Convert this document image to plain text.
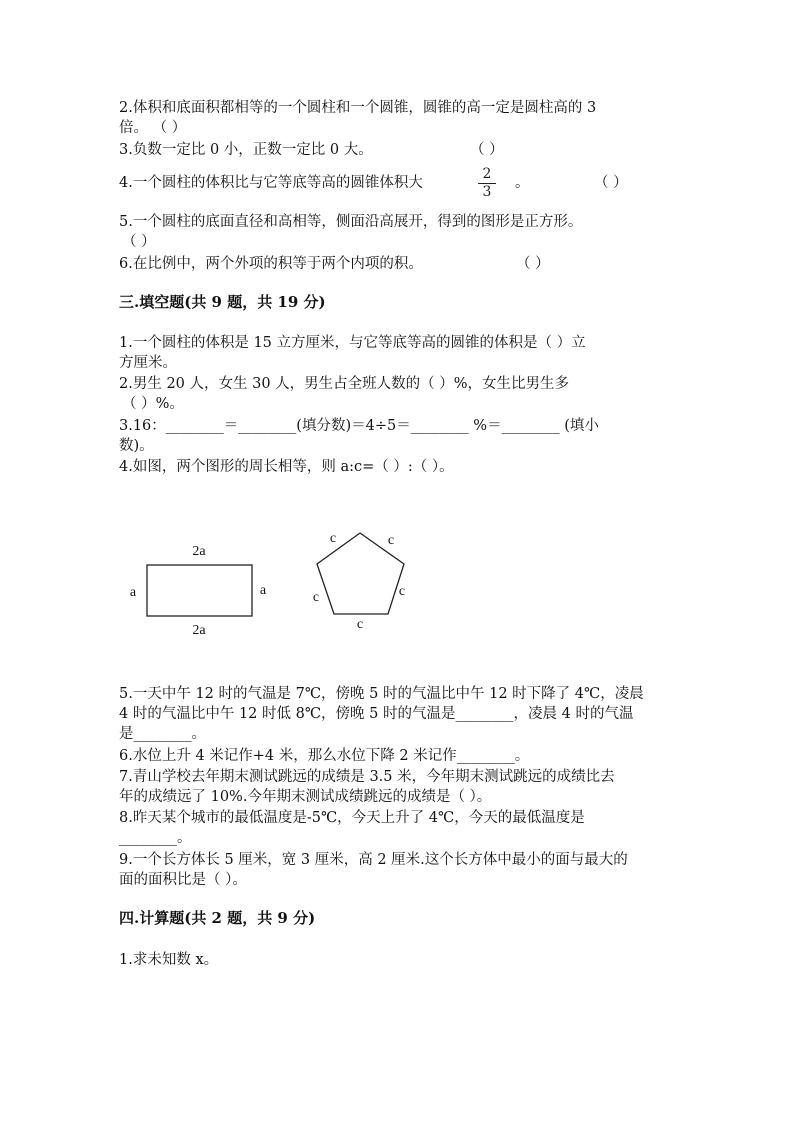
2.体积和底面积都相等的一个圆柱和一个圆锥，圆锥的高一定是圆柱高的 3
倍。 （ ）
3.负数一定比 0 小，正数一定比 0 大。	（ ）
4.一个圆柱的体积比与它等底等高的圆锥体积大
2
3
。	（ ）
5.一个圆柱的底面直径和高相等，侧面沿高展开，得到的图形是正方形。
（ ）
6.在比例中，两个外项的积等于两个内项的积。	（ ）
三.填空题(共 9 题，共 19 分)
1.一个圆柱的体积是 15 立方厘米，与它等底等高的圆锥的体积是（ ）立
方厘米。
2.男生 20 人，女生 30 人，男生占全班人数的（ ）%，女生比男生多
（ ）%。
3.16：________＝________(填分数)＝4÷5＝________ %＝________ (填小
数)。
4.如图，两个图形的周长相等，则 a:c=（ ）:（ ）。
2a
2a
a	a
c	c
c	c
c
5.一天中午 12 时的气温是 7℃，傍晚 5 时的气温比中午 12 时下降了 4℃，凌晨
4 时的气温比中午 12 时低 8℃，傍晚 5 时的气温是________，凌晨 4 时的气温
是________。
6.水位上升 4 米记作+4 米，那么水位下降 2 米记作________。
7.青山学校去年期末测试跳远的成绩是 3.5 米，今年期末测试跳远的成绩比去
年的成绩远了 10%.今年期末测试成绩跳远的成绩是（ ）。
8.昨天某个城市的最低温度是-5℃，今天上升了 4℃，今天的最低温度是
________。
9.一个长方体长 5 厘米，宽 3 厘米，高 2 厘米.这个长方体中最小的面与最大的
面的面积比是（ ）。
四.计算题(共 2 题，共 9 分)
1.求未知数 x。
